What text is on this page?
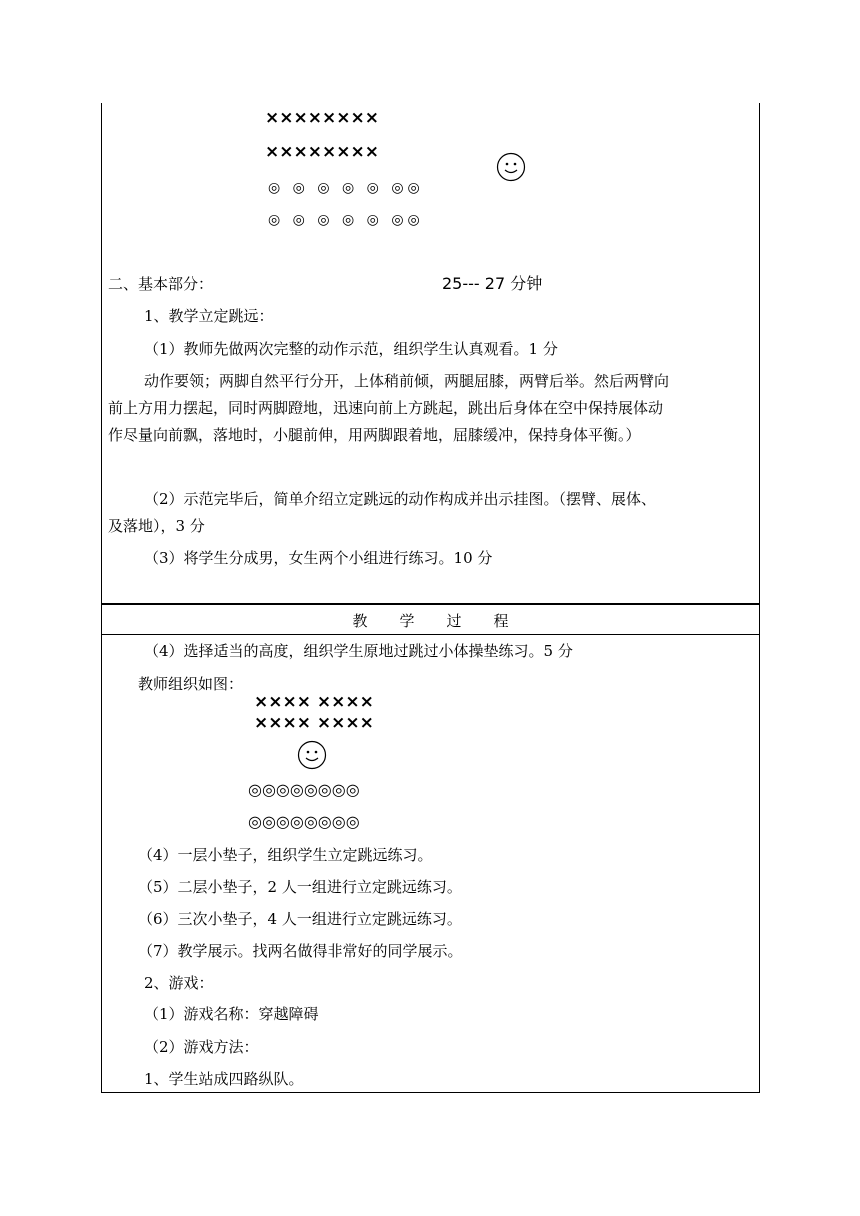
××××××××
××××××××
◎ ◎ ◎ ◎ ◎ ◎◎
◎ ◎ ◎ ◎ ◎ ◎◎
二、基本部分：	25--- 27 分钟
1、教学立定跳远：
（1）教师先做两次完整的动作示范，组织学生认真观看。1 分
动作要领；两脚自然平行分开，上体稍前倾，两腿屈膝，两臂后举。然后两臂向
前上方用力摆起，同时两脚蹬地，迅速向前上方跳起，跳出后身体在空中保持展体动
作尽量向前飘，落地时，小腿前伸，用两脚跟着地，屈膝缓冲，保持身体平衡。）
（2）示范完毕后，简单介绍立定跳远的动作构成并出示挂图。（摆臂、展体、
及落地），3 分
（3）将学生分成男，女生两个小组进行练习。10 分
教学过程
（4）选择适当的高度，组织学生原地过跳过小体操垫练习。5 分
教师组织如图：
×××× ××××
×××× ××××
◎◎◎◎◎◎◎◎
◎◎◎◎◎◎◎◎
（4）一层小垫子，组织学生立定跳远练习。
（5）二层小垫子，2 人一组进行立定跳远练习。
（6）三次小垫子，4 人一组进行立定跳远练习。
（7）教学展示。找两名做得非常好的同学展示。
2、游戏：
（1）游戏名称：穿越障碍
（2）游戏方法：
1、学生站成四路纵队。
